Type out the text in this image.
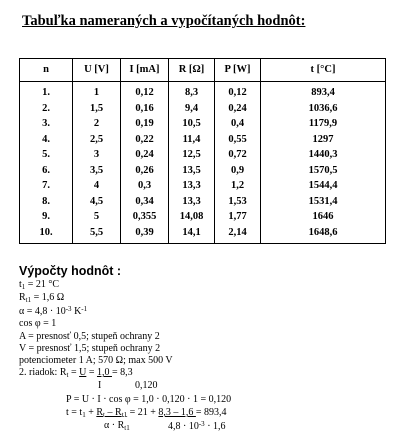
Tabuľka nameraných a vypočítaných hodnôt:
n	U [V]	I [mA]	R [Ω]	P [W]	t [°C]

1.	1	0,12	8,3	0,12	893,4
2.	1,5	0,16	9,4	0,24	1036,6
3.	2	0,19	10,5	0,4	1179,9
4.	2,5	0,22	11,4	0,55	1297
5.	3	0,24	12,5	0,72	1440,3
6.	3,5	0,26	13,5	0,9	1570,5
7.	4	0,3	13,3	1,2	1544,4
8.	4,5	0,34	13,3	1,53	1531,4
9.	5	0,355	14,08	1,77	1646
10.	5,5	0,39	14,1	2,14	1648,6

Výpočty hodnôt :
$t_1 = 21$ °C
$R_{t1} = 1,6$ Ω
$\alpha = 4,8 \cdot 10^{-3}$ $K^{-1}$
cos φ = 1
A = presnosť 0,5; stupeň ochrany 2
V = presnosť 1,5; stupeň ochrany 2
potenciometer 1 A; 570 Ω; max 500 V
2. riadok: $R_t = U = 1,0 = 8,3$
I	0,120
P = U · I · cos φ = 1,0 · 0,120 · 1 = 0,120
$t = t_1 + R_t - R_{t1} = 21 + 8,3 - 1,6 = 893,4$
$\alpha \cdot R_{t1}$	$4,8 \cdot 10^{-3} \cdot 1,6$
